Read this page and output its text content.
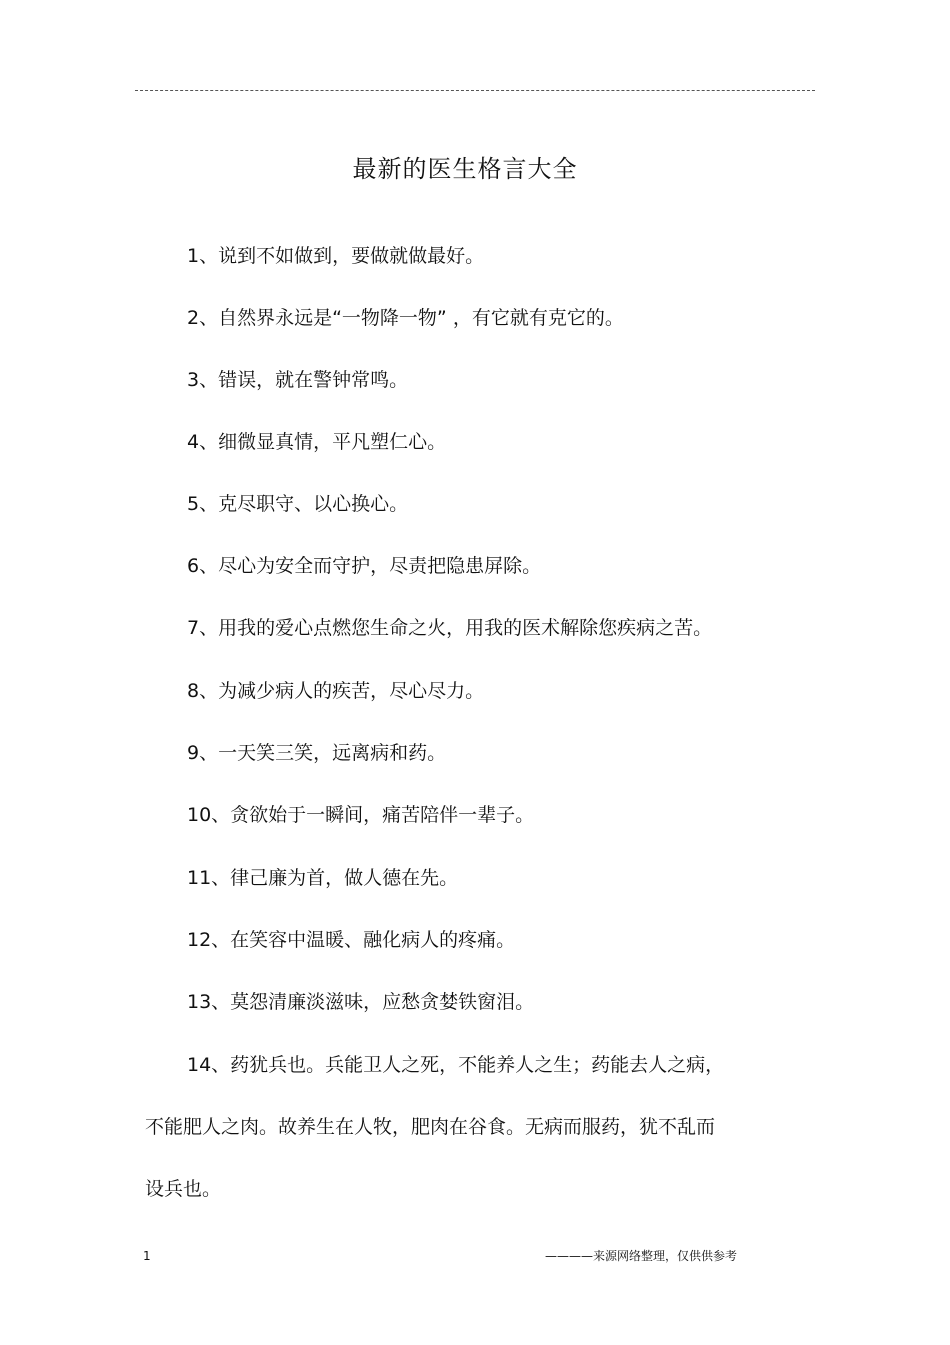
最新的医生格言大全
1、说到不如做到，要做就做最好。
2、自然界永远是“一物降一物” ，有它就有克它的。
3、错误，就在警钟常鸣。
4、细微显真情，平凡塑仁心。
5、克尽职守、以心换心。
6、尽心为安全而守护，尽责把隐患屏除。
7、用我的爱心点燃您生命之火，用我的医术解除您疾病之苦。
8、为减少病人的疾苦，尽心尽力。
9、一天笑三笑，远离病和药。
10、贪欲始于一瞬间，痛苦陪伴一辈子。
11、律己廉为首，做人德在先。
12、在笑容中温暖、融化病人的疼痛。
13、莫怨清廉淡滋味，应愁贪婪铁窗泪。
14、药犹兵也。兵能卫人之死，不能养人之生；药能去人之病，
不能肥人之肉。故养生在人牧，肥肉在谷食。无病而服药，犹不乱而
设兵也。
1	————来源网络整理，仅供供参考
